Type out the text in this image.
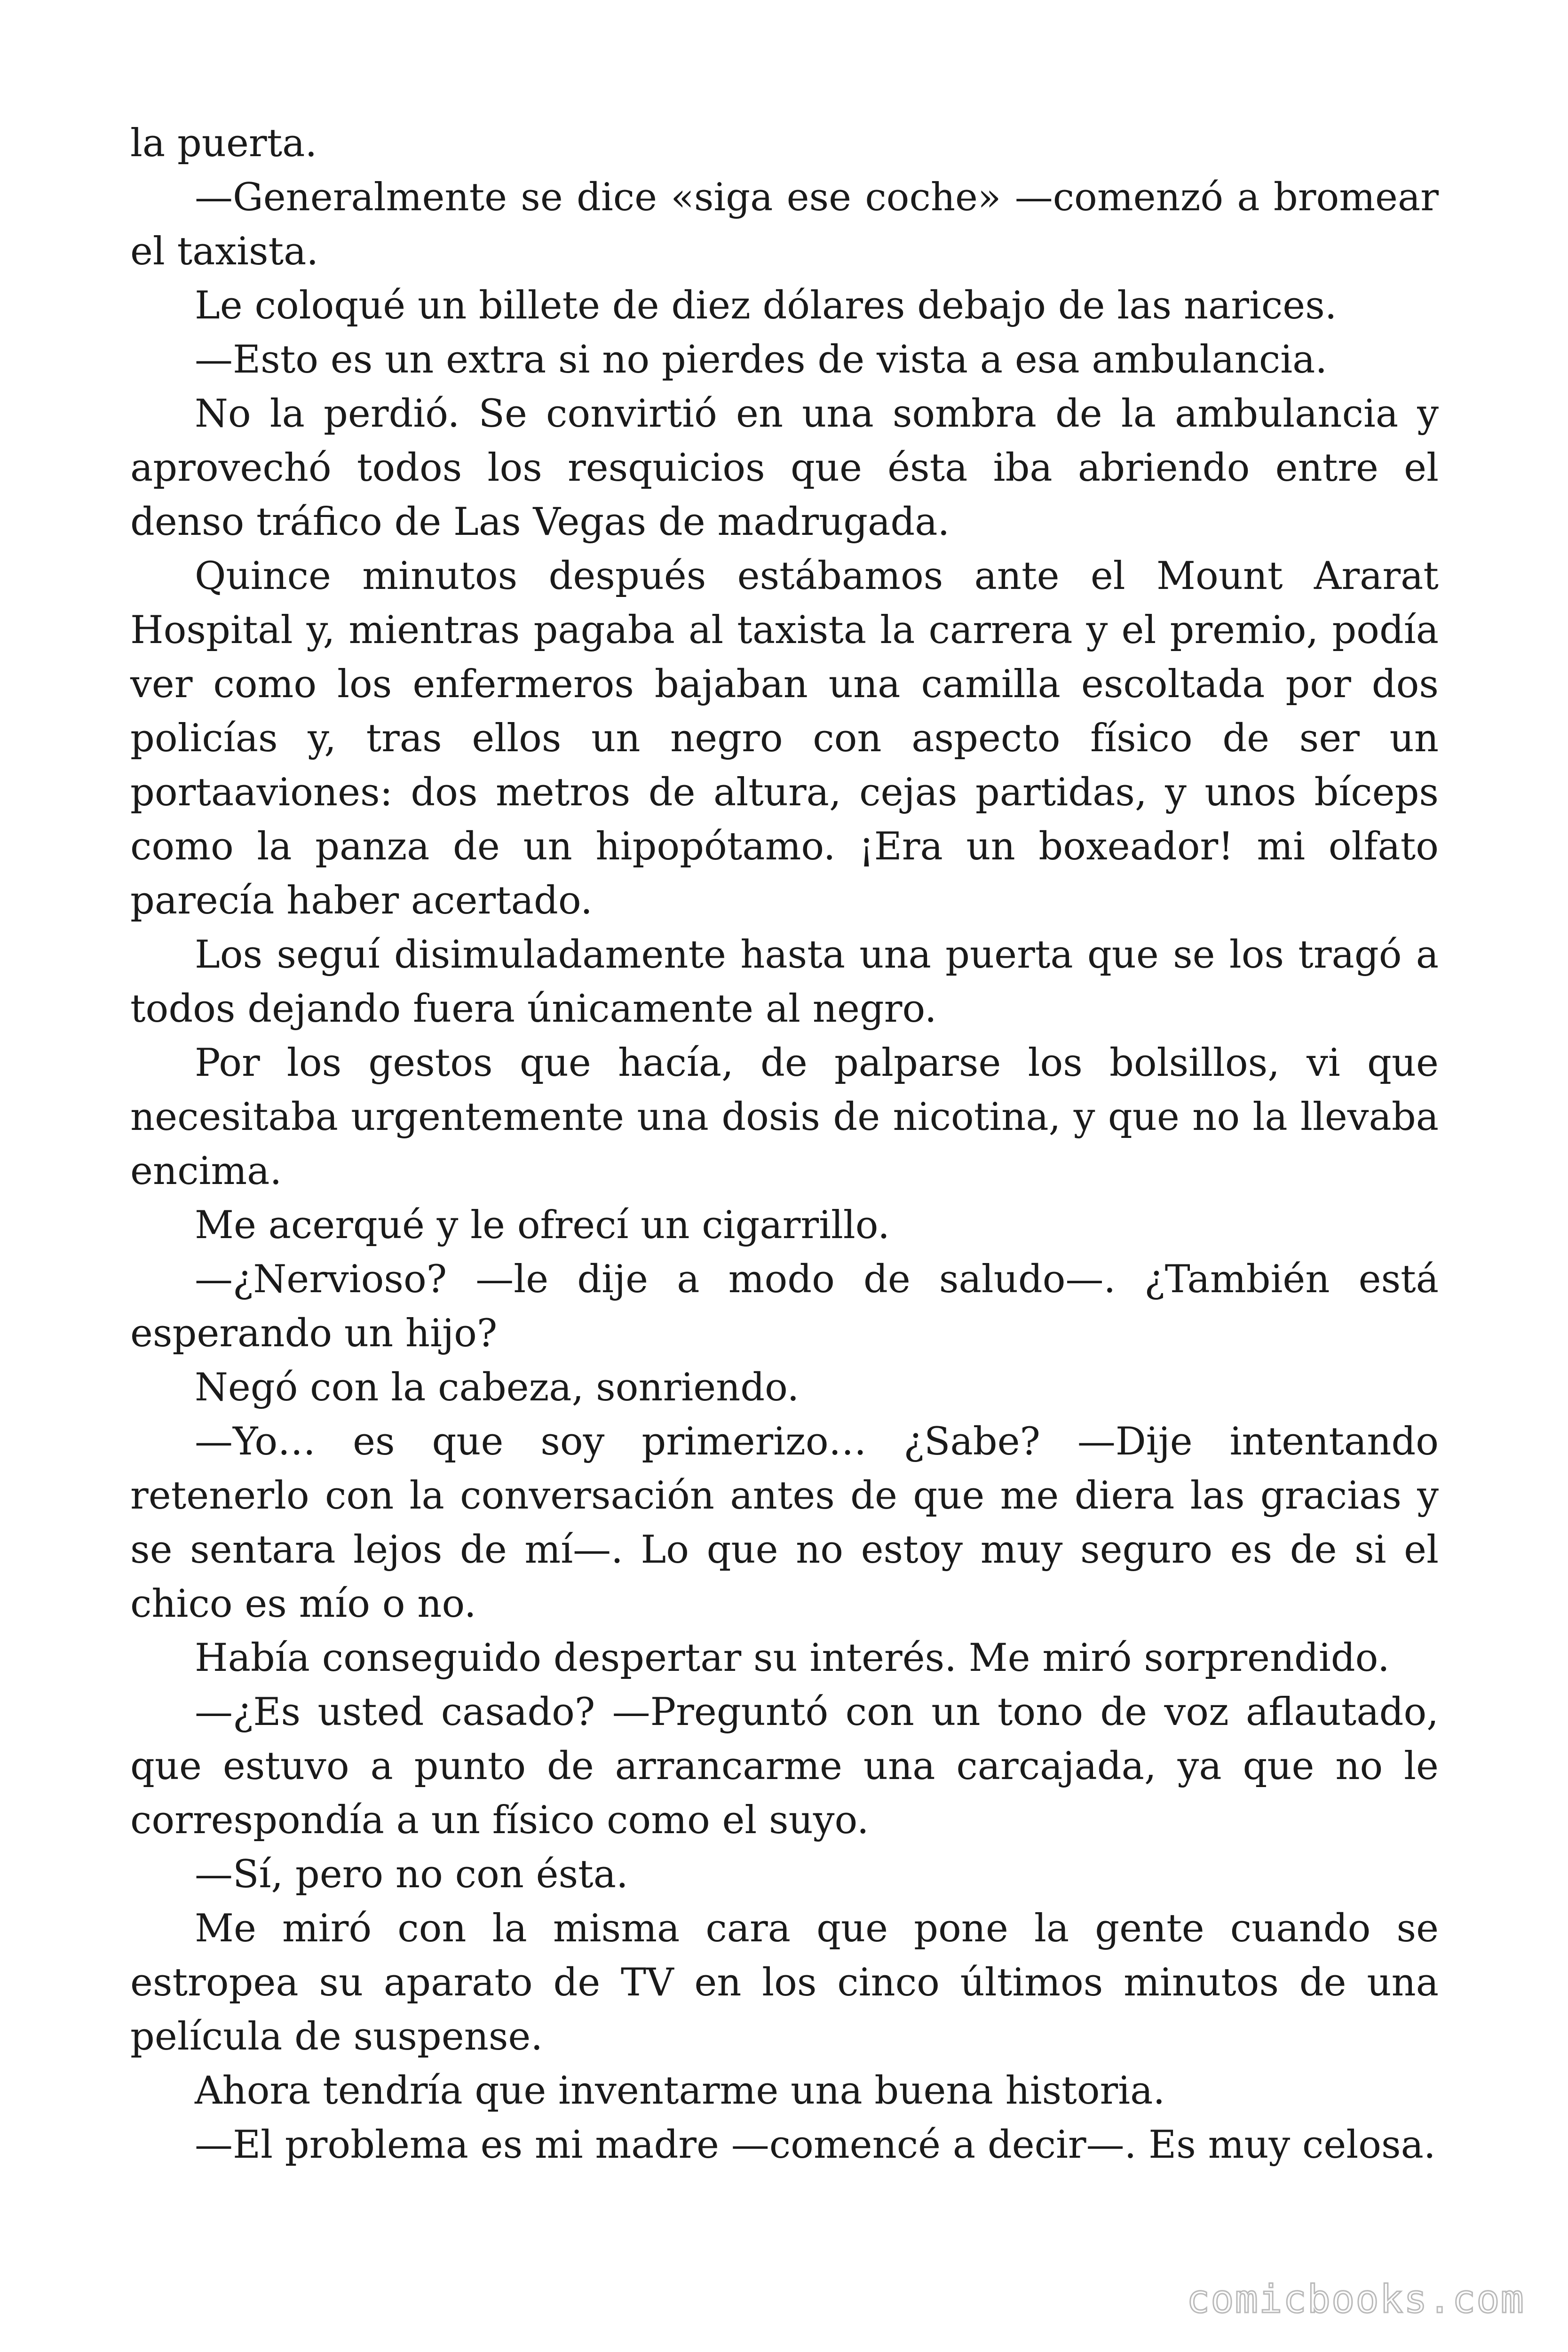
la puerta.

—Generalmente se dice «siga ese coche» —comenzó a bromear el taxista.

Le coloqué un billete de diez dólares debajo de las narices.

—Esto es un extra si no pierdes de vista a esa ambulancia.

No la perdió. Se convirtió en una sombra de la ambulancia y aprovechó todos los resquicios que ésta iba abriendo entre el denso tráfico de Las Vegas de madrugada.

Quince minutos después estábamos ante el Mount Ararat Hospital y, mientras pagaba al taxista la carrera y el premio, podía ver como los enfermeros bajaban una camilla escoltada por dos policías y, tras ellos un negro con aspecto físico de ser un portaaviones: dos metros de altura, cejas partidas, y unos bíceps como la panza de un hipopótamo. ¡Era un boxeador! mi olfato parecía haber acertado.

Los seguí disimuladamente hasta una puerta que se los tragó a todos dejando fuera únicamente al negro.

Por los gestos que hacía, de palparse los bolsillos, vi que necesitaba urgentemente una dosis de nicotina, y que no la llevaba encima.

Me acerqué y le ofrecí un cigarrillo.

—¿Nervioso? —le dije a modo de saludo—. ¿También está esperando un hijo?

Negó con la cabeza, sonriendo.

—Yo… es que soy primerizo… ¿Sabe? —Dije intentando retenerlo con la conversación antes de que me diera las gracias y se sentara lejos de mí—. Lo que no estoy muy seguro es de si el chico es mío o no.

Había conseguido despertar su interés. Me miró sorprendido.

—¿Es usted casado? —Preguntó con un tono de voz aflautado, que estuvo a punto de arrancarme una carcajada, ya que no le correspondía a un físico como el suyo.

—Sí, pero no con ésta.

Me miró con la misma cara que pone la gente cuando se estropea su aparato de TV en los cinco últimos minutos de una película de suspense.

Ahora tendría que inventarme una buena historia.

—El problema es mi madre —comencé a decir—. Es muy celosa.

comicbooks.com
